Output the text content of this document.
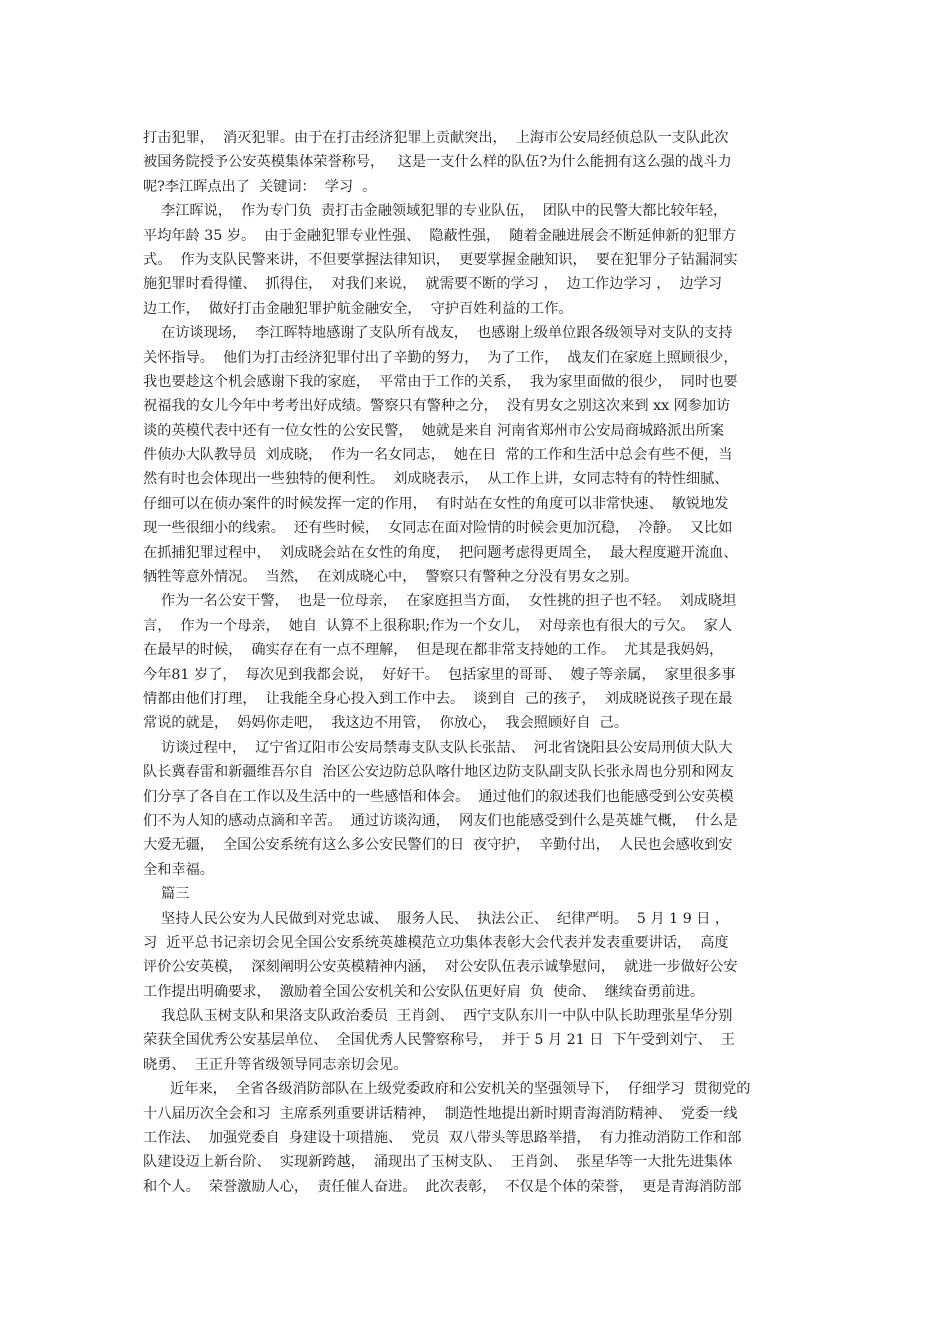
打击犯罪，  消灭犯罪。由于在打击经济犯罪上贡献突出，  上海市公安局经侦总队一支队此次
被国务院授予公安英模集体荣誉称号，   这是一支什么样的队伍?为什么能拥有这么强的战斗力
呢?李江晖点出了  关键词：  学习  。
李江晖说，  作为专门负  责打击金融领域犯罪的专业队伍，  团队中的民警大都比较年轻，
平均年龄 35 岁。  由于金融犯罪专业性强、  隐蔽性强，  随着金融进展会不断延伸新的犯罪方
式。  作为支队民警来讲，不但要掌握法律知识，  更要掌握金融知识，  要在犯罪分子钻漏洞实
施犯罪时看得懂、  抓得住，  对我们来说，  就需要不断的学习 ，  边工作边学习 ，  边学习
边工作，  做好打击金融犯罪护航金融安全，  守护百姓利益的工作。
在访谈现场，  李江晖特地感谢了支队所有战友，  也感谢上级单位跟各级领导对支队的支持
关怀指导。  他们为打击经济犯罪付出了辛勤的努力，  为了工作，  战友们在家庭上照顾很少，
我也要趁这个机会感谢下我的家庭，  平常由于工作的关系，  我为家里面做的很少，  同时也要
祝福我的女儿今年中考考出好成绩。警察只有警种之分，  没有男女之别这次来到 xx 网参加访
谈的英模代表中还有一位女性的公安民警，  她就是来自 河南省郑州市公安局商城路派出所案
件侦办大队教导员  刘成晓，  作为一名女同志，  她在日  常的工作和生活中总会有些不便，当
然有时也会体现出一些独特的便利性。  刘成晓表示，  从工作上讲，女同志特有的特性细腻、
仔细可以在侦办案件的时候发挥一定的作用，  有时站在女性的角度可以非常快速、  敏锐地发
现一些很细小的线索。  还有些时候，  女同志在面对险情的时候会更加沉稳，  冷静。  又比如
在抓捕犯罪过程中，  刘成晓会站在女性的角度，  把问题考虑得更周全，  最大程度避开流血、
牺牲等意外情况。  当然，  在刘成晓心中，  警察只有警种之分没有男女之别。
作为一名公安干警，  也是一位母亲，  在家庭担当方面，  女性挑的担子也不轻。  刘成晓坦
言，  作为一个母亲，  她自  认算不上很称职;作为一个女儿，  对母亲也有很大的亏欠。  家人
在最早的时候，  确实存在有一点不理解，  但是现在都非常支持她的工作。  尤其是我妈妈，
今年81 岁了，  每次见到我都会说，  好好干。  包括家里的哥哥、  嫂子等亲属，  家里很多事
情都由他们打理，  让我能全身心投入到工作中去。  谈到自  己的孩子，  刘成晓说孩子现在最
常说的就是，  妈妈你走吧，  我这边不用管，  你放心，  我会照顾好自  己。
访谈过程中，  辽宁省辽阳市公安局禁毒支队支队长张喆、  河北省饶阳县公安局刑侦大队大
队长冀春雷和新疆维吾尔自  治区公安边防总队喀什地区边防支队副支队长张永周也分别和网友
们分享了各自在工作以及生活中的一些感悟和体会。  通过他们的叙述我们也能感受到公安英模
们不为人知的感动点滴和辛苦。  通过访谈沟通，  网友们也能感受到什么是英雄气概，  什么是
大爱无疆，  全国公安系统有这么多公安民警们的日  夜守护，  辛勤付出，  人民也会感收到安
全和幸福。
篇三
坚持人民公安为人民做到对党忠诚、  服务人民、  执法公正、  纪律严明。  5 月 1 9 日 ，
习  近平总书记亲切会见全国公安系统英雄模范立功集体表彰大会代表并发表重要讲话，  高度
评价公安英模，  深刻阐明公安英模精神内涵，  对公安队伍表示诚挚慰问，  就进一步做好公安
工作提出明确要求，  激励着全国公安机关和公安队伍更好肩  负  使命、  继续奋勇前进。
我总队玉树支队和果洛支队政治委员  王肖剑、  西宁支队东川一中队中队长助理张星华分别
荣获全国优秀公安基层单位、  全国优秀人民警察称号，  并于 5 月 21 日  下午受到刘宁、  王
晓勇、  王正升等省级领导同志亲切会见。
近年来，  全省各级消防部队在上级党委政府和公安机关的坚强领导下，  仔细学习  贯彻党的
十八届历次全会和习  主席系列重要讲话精神，  制造性地提出新时期青海消防精神、  党委一线
工作法、  加强党委自  身建设十项措施、  党员  双八带头等思路举措，  有力推动消防工作和部
队建设迈上新台阶、  实现新跨越，  涌现出了玉树支队、  王肖剑、  张星华等一大批先进集体
和个人。  荣誉激励人心，  责任催人奋进。  此次表彰，  不仅是个体的荣誉，  更是青海消防部
